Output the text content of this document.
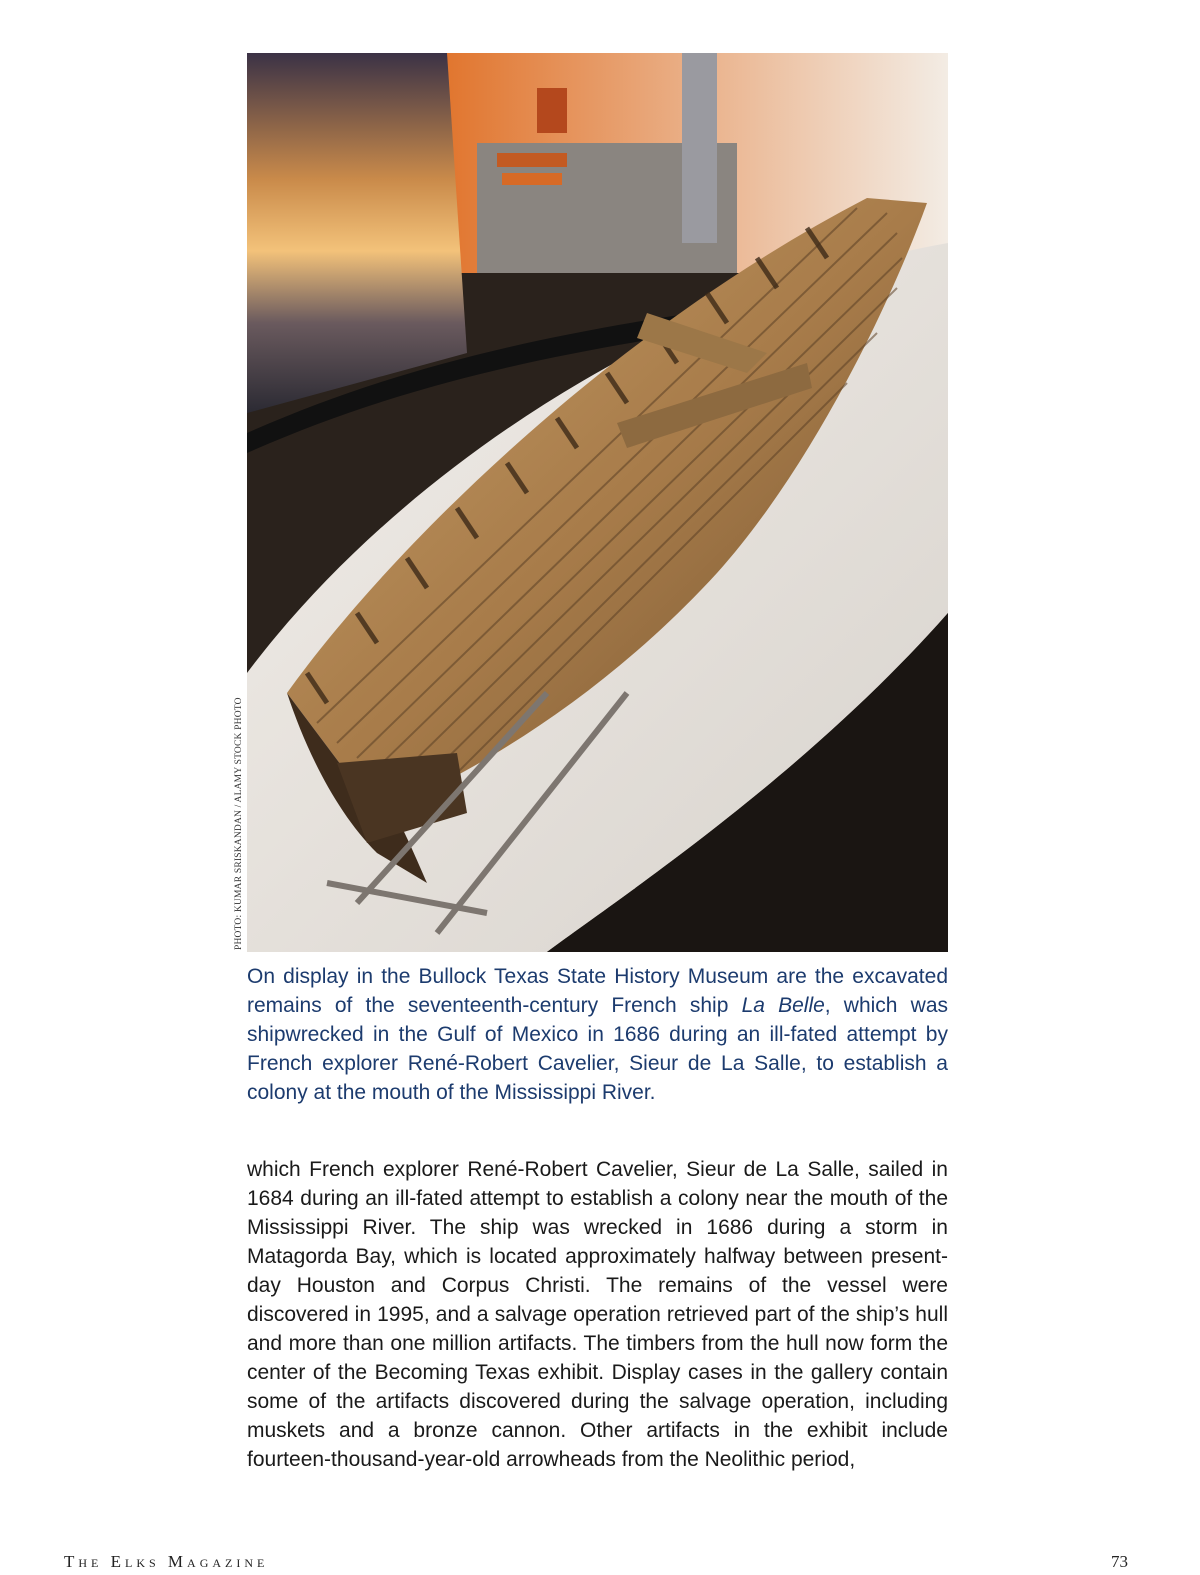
PHOTO: KUMAR SRISKANDAN / ALAMY STOCK PHOTO

On display in the Bullock Texas State History Museum are the excavated remains of the seventeenth-century French ship La Belle, which was shipwrecked in the Gulf of Mexico in 1686 during an ill-fated attempt by French explorer René-Robert Cavelier, Sieur de La Salle, to establish a colony at the mouth of the Mississippi River.

which French explorer René-Robert Cavelier, Sieur de La Salle, sailed in 1684 during an ill-fated attempt to establish a colony near the mouth of the Mississippi River. The ship was wrecked in 1686 during a storm in Matagorda Bay, which is located approximately halfway between present-day Houston and Corpus Christi. The remains of the vessel were discovered in 1995, and a salvage operation retrieved part of the ship’s hull and more than one million artifacts. The timbers from the hull now form the center of the Becoming Texas exhibit. Display cases in the gallery contain some of the artifacts discovered during the salvage operation, including muskets and a bronze cannon. Other artifacts in the exhibit include fourteen-thousand-year-old arrowheads from the Neolithic period,

The Elks Magazine	73
